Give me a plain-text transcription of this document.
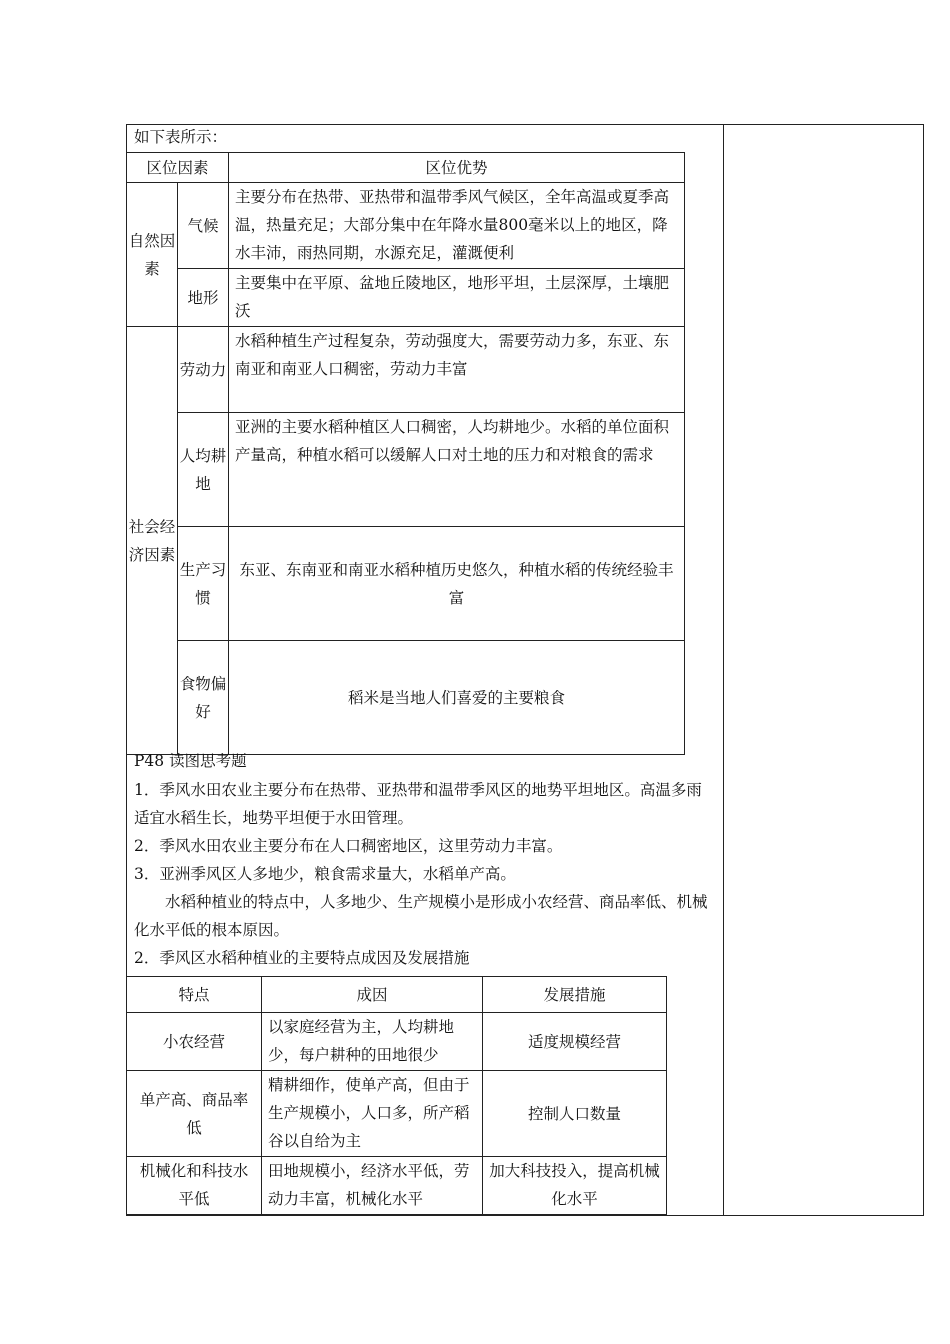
如下表所示：
区位因素		区位优势
自然因素	气候	主要分布在热带、亚热带和温带季风气候区，全年高温或夏季高温，热量充足；大部分集中在年降水量800毫米以上的地区，降水丰沛，雨热同期，水源充足，灌溉便利
	地形	主要集中在平原、盆地丘陵地区，地形平坦，土层深厚，土壤肥沃
社会经济因素	劳动力	水稻种植生产过程复杂，劳动强度大，需要劳动力多，东亚、东南亚和南亚人口稠密，劳动力丰富
	人均耕地	亚洲的主要水稻种植区人口稠密，人均耕地少。水稻的单位面积产量高，种植水稻可以缓解人口对土地的压力和对粮食的需求
	生产习惯	东亚、东南亚和南亚水稻种植历史悠久，种植水稻的传统经验丰富
	食物偏好	稻米是当地人们喜爱的主要粮食
P48 读图思考题
1．季风水田农业主要分布在热带、亚热带和温带季风区的地势平坦地区。高温多雨适宜水稻生长，地势平坦便于水田管理。
2．季风水田农业主要分布在人口稠密地区，这里劳动力丰富。
3．亚洲季风区人多地少，粮食需求量大，水稻单产高。
水稻种植业的特点中，人多地少、生产规模小是形成小农经营、商品率低、机械化水平低的根本原因。
2．季风区水稻种植业的主要特点成因及发展措施
特点	成因	发展措施
小农经营	以家庭经营为主，人均耕地少，每户耕种的田地很少	适度规模经营
单产高、商品率低	精耕细作，使单产高，但由于生产规模小，人口多，所产稻谷以自给为主	控制人口数量
机械化和科技水平低	田地规模小，经济水平低，劳动力丰富，机械化水平	加大科技投入，提高机械化水平
